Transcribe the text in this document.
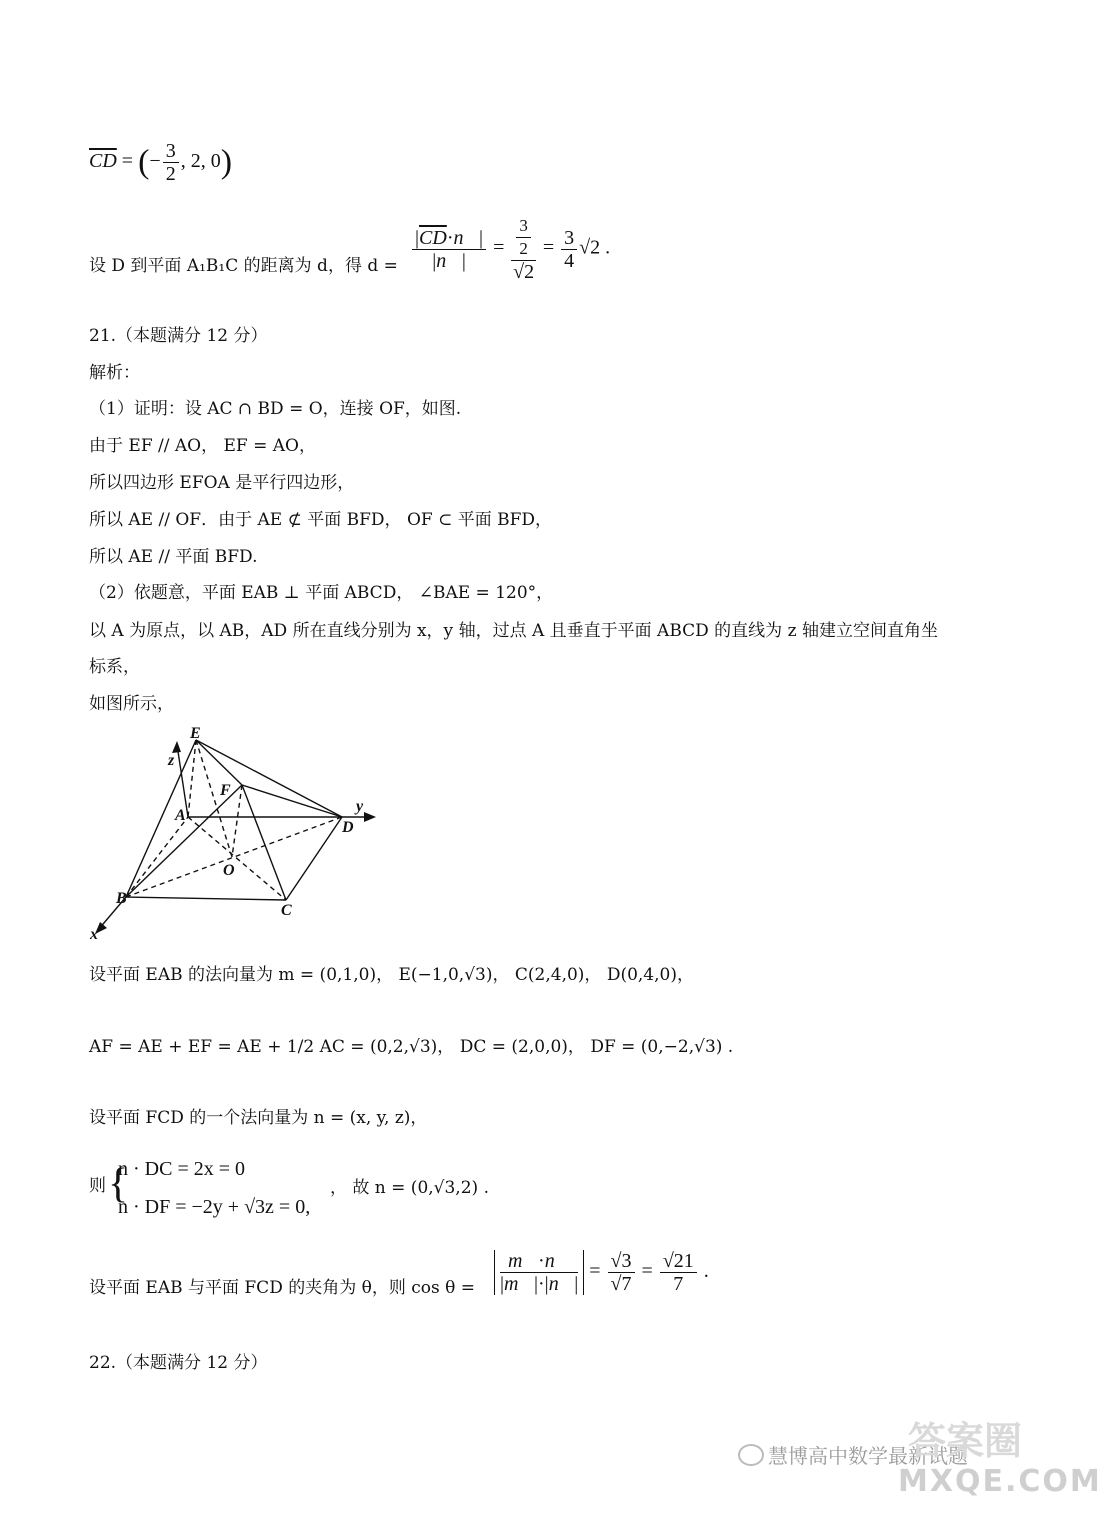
$\overline{CD}$ = (− $\frac{3}{2}$ , 2, 0)
设 D 到平面 A₁B₁C 的距离为 d，得 $d = \frac{|\overline{CD}\cdot n⃗|}{|n⃗|} = \frac{\frac{3}{2}}{√2} = \frac{3}{4} √2$ .
21.（本题满分 12 分）
解析：
（1）证明：设 AC ∩ BD = O，连接 OF，如图.
由于 EF // AO， EF = AO，
所以四边形 EFOA 是平行四边形，
所以 AE // OF．由于 AE ⊄ 平面 BFD， OF ⊂ 平面 BFD，
所以 AE // 平面 BFD.
（2）依题意，平面 EAB ⊥ 平面 ABCD， ∠BAE = 120°，
以 A 为原点，以 AB，AD 所在直线分别为 x，y 轴，过点 A 且垂直于平面 ABCD 的直线为 z 轴建立空间直角坐
标系，
如图所示，
E
z
F
A
y
D
O
B
C
x
设平面 EAB 的法向量为 m = (0,1,0)， E(−1,0,√3)， C(2,4,0)， D(0,4,0)，
AF = AE + EF = AE + 1/2 AC = (0,2,√3)， DC = (2,0,0)， DF = (0,−2,√3) .
设平面 FCD 的一个法向量为 n = (x, y, z)，
则 {
n · DC = 2x = 0
n · DF = −2y + √3z = 0,
， 故 n = (0,√3,2) .
设平面 EAB 与平面 FCD 的夹角为 θ，则 $\cos \theta = \frac{m⃗\cdot n⃗}{|m⃗|\cdot|n⃗|} = \frac{√3}{√7} = \frac{√21}{7}$ .
22.（本题满分 12 分）
慧博高中数学最新试题
答案圈
MXQE.COM
